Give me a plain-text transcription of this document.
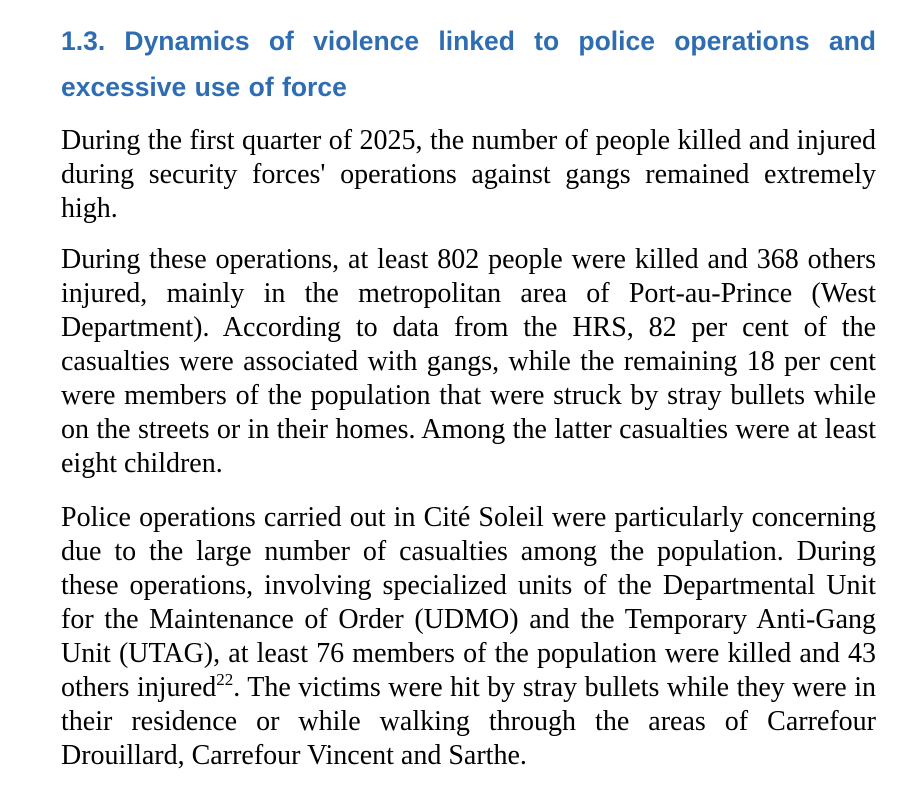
1.3. Dynamics of violence linked to police operations and excessive use of force

During the first quarter of 2025, the number of people killed and injured during security forces' operations against gangs remained extremely high.

During these operations, at least 802 people were killed and 368 others injured, mainly in the metropolitan area of Port-au-Prince (West Department). According to data from the HRS, 82 per cent of the casualties were associated with gangs, while the remaining 18 per cent were members of the population that were struck by stray bullets while on the streets or in their homes. Among the latter casualties were at least eight children.

Police operations carried out in Cité Soleil were particularly concerning due to the large number of casualties among the population. During these operations, involving specialized units of the Departmental Unit for the Maintenance of Order (UDMO) and the Temporary Anti-Gang Unit (UTAG), at least 76 members of the population were killed and 43 others injured$^{22}$. The victims were hit by stray bullets while they were in their residence or while walking through the areas of Carrefour Drouillard, Carrefour Vincent and Sarthe.
